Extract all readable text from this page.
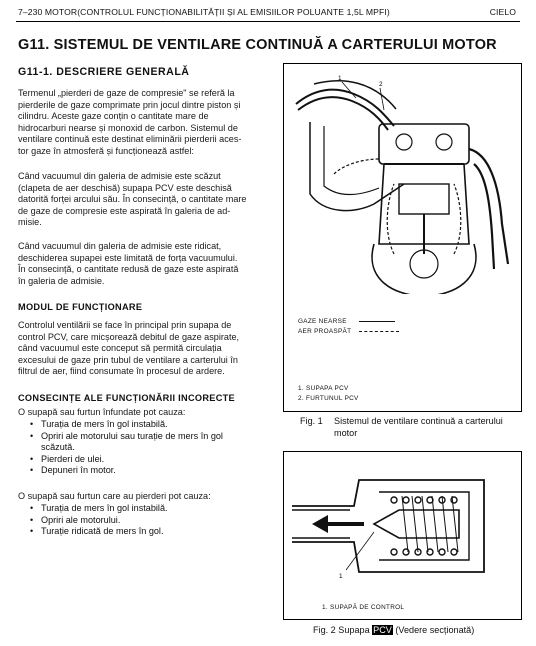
7–230 MOTOR(CONTROLUL FUNCȚIONABILITĂȚII ȘI AL EMISIILOR POLUANTE 1,5L MPFI)	CIELO
G11. SISTEMUL DE VENTILARE CONTINUĂ A CARTERULUI MOTOR
G11-1. DESCRIERE GENERALĂ
Termenul „pierderi de gaze de compresie" se referă la
pierderile de gaze comprimate prin jocul dintre piston și
cilindru. Aceste gaze conțin o cantitate mare de
hidrocarburi nearse și monoxid de carbon. Sistemul de
ventilare continuă este destinat eliminării pierderii aces-
tor gaze în atmosferă și funcționează astfel:
Când vacuumul din galeria de admisie este scăzut
(clapeta de aer deschisă) supapa PCV este deschisă
datorită forței arcului său. În consecință, o cantitate mare
de gaze de compresie este aspirată în galeria de ad-
misie.
Când vacuumul din galeria de admisie este ridicat,
deschiderea supapei este limitată de forța vacuumului.
În consecință, o cantitate redusă de gaze este aspirată
în galeria de admisie.
MODUL DE FUNCȚIONARE
Controlul ventilării se face în principal prin supapa de
control PCV, care micșorează debitul de gaze aspirate,
când vacuumul este conceput să permită circulația
excesului de gaze prin tubul de ventilare a carterului în
filtrul de aer, fiind consumate în procesul de ardere.
CONSECINȚE ALE FUNCȚIONĂRII INCORECTE
O supapă sau furtun înfundate pot cauza:
• Turația de mers în gol instabilă.
• Opriri ale motorului sau turație de mers în gol
scăzută.
• Pierderi de ulei.
• Depuneri în motor.
O supapă sau furtun care au pierderi pot cauza:
• Turația de mers în gol instabilă.
• Opriri ale motorului.
• Turație ridicată de mers în gol.
1
2
GAZE NEARSE
AER PROASPĂT
1. SUPAPA PCV
2. FURTUNUL PCV
Fig. 1 Sistemul de ventilare continuă a carterului
motor
1
1. SUPAPĂ DE CONTROL
Fig. 2 Supapa PCV (Vedere secționată)
